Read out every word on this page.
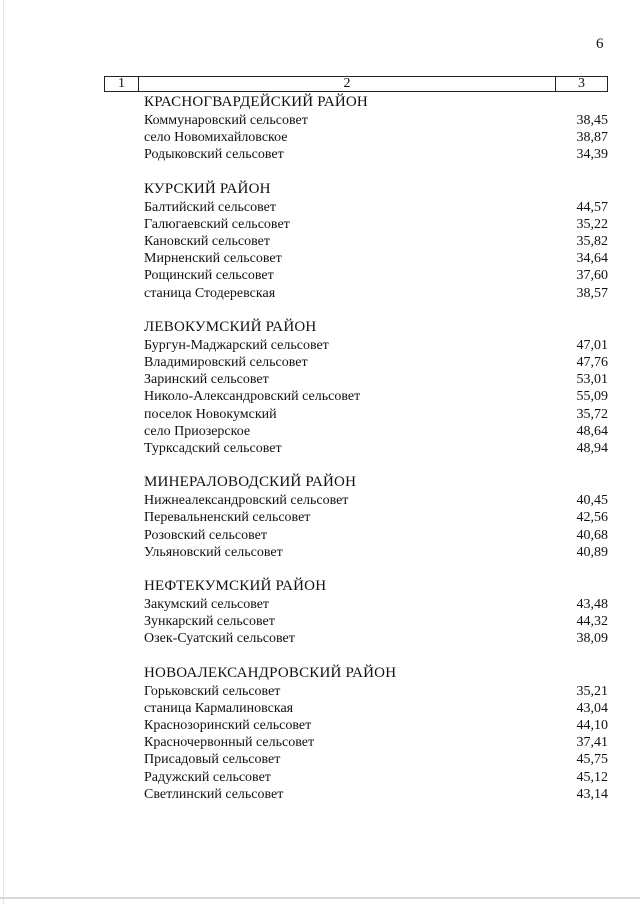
6
1	2	3
КРАСНОГВАРДЕЙСКИЙ РАЙОН
Коммунаровский сельсовет	38,45
село Новомихайловское	38,87
Родыковский сельсовет	34,39
КУРСКИЙ РАЙОН
Балтийский сельсовет	44,57
Галюгаевский сельсовет	35,22
Кановский сельсовет	35,82
Мирненский сельсовет	34,64
Рощинский сельсовет	37,60
станица Стодеревская	38,57
ЛЕВОКУМСКИЙ РАЙОН
Бургун-Маджарский сельсовет	47,01
Владимировский сельсовет	47,76
Заринский сельсовет	53,01
Николо-Александровский сельсовет	55,09
поселок Новокумский	35,72
село Приозерское	48,64
Турксадский сельсовет	48,94
МИНЕРАЛОВОДСКИЙ РАЙОН
Нижнеалександровский сельсовет	40,45
Перевальненский сельсовет	42,56
Розовский сельсовет	40,68
Ульяновский сельсовет	40,89
НЕФТЕКУМСКИЙ РАЙОН
Закумский сельсовет	43,48
Зункарский сельсовет	44,32
Озек-Суатский сельсовет	38,09
НОВОАЛЕКСАНДРОВСКИЙ РАЙОН
Горьковский сельсовет	35,21
станица Кармалиновская	43,04
Краснозоринский сельсовет	44,10
Красночервонный сельсовет	37,41
Присадовый сельсовет	45,75
Радужский сельсовет	45,12
Светлинский сельсовет	43,14
